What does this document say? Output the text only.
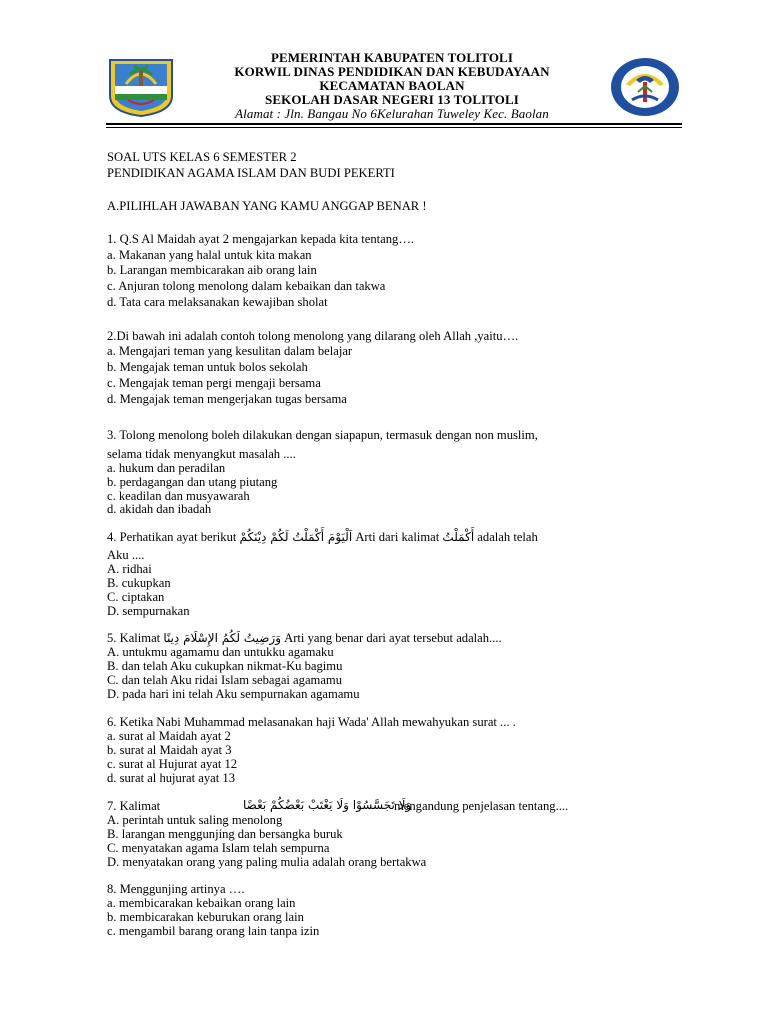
PEMERINTAH KABUPATEN TOLITOLI
KORWIL DINAS PENDIDIKAN DAN KEBUDAYAAN
KECAMATAN BAOLAN
SEKOLAH DASAR NEGERI 13 TOLITOLI
Alamat : Jln. Bangau No 6Kelurahan Tuweley Kec. Baolan
SOAL UTS KELAS 6 SEMESTER 2
PENDIDIKAN AGAMA ISLAM DAN BUDI PEKERTI
A.PILIHLAH JAWABAN YANG KAMU ANGGAP BENAR !
1. Q.S Al Maidah ayat 2 mengajarkan kepada kita tentang….
a. Makanan yang halal untuk kita makan
b. Larangan membicarakan aib orang lain
c. Anjuran tolong menolong dalam kebaikan dan takwa
d. Tata cara melaksanakan kewajiban sholat
2.Di bawah ini adalah contoh tolong menolong yang dilarang oleh Allah ,yaitu….
a. Mengajari teman yang kesulitan dalam belajar
b. Mengajak teman untuk bolos sekolah
c. Mengajak teman pergi mengaji bersama
d. Mengajak teman mengerjakan tugas bersama
3. Tolong menolong boleh dilakukan dengan siapapun, termasuk dengan non muslim,
selama tidak menyangkut masalah ....
a. hukum dan peradilan
b. perdagangan dan utang piutang
c. keadilan dan musyawarah
d. akidah dan ibadah
4. Perhatikan ayat berikut اَلْيَوْمَ أَكْمَلْتُ لَكُمْ دِيْنَكُمْ Arti dari kalimat أَكْمَلْتُ adalah telah
Aku ....
A. ridhai
B. cukupkan
C. ciptakan
D. sempurnakan
5. Kalimat وَرَضِيتُ لَكُمُ الإِسْلَامَ دِينًا Arti yang benar dari ayat tersebut adalah....
A. untukmu agamamu dan untukku agamaku
B. dan telah Aku cukupkan nikmat-Ku bagimu
C. dan telah Aku ridai Islam sebagai agamamu
D. pada hari ini telah Aku sempurnakan agamamu
6. Ketika Nabi Muhammad melasanakan haji Wada' Allah mewahyukan surat ... .
a. surat al Maidah ayat 2
b. surat al Maidah ayat 3
c. surat al Hujurat ayat 12
d. surat al hujurat ayat 13
7. Kalimat	وَلَا تَجَسَّسُوْا وَلَا يَغْتَبْ بَعْضُكُمْ بَعْضًا
mengandung penjelasan tentang....
A. perintah untuk saling menolong
B. larangan menggunjing dan bersangka buruk
C. menyatakan agama Islam telah sempurna
D. menyatakan orang yang paling mulia adalah orang bertakwa
8. Menggunjing artinya ….
a. membicarakan kebaikan orang lain
b. membicarakan keburukan orang lain
c. mengambil barang orang lain tanpa izin
